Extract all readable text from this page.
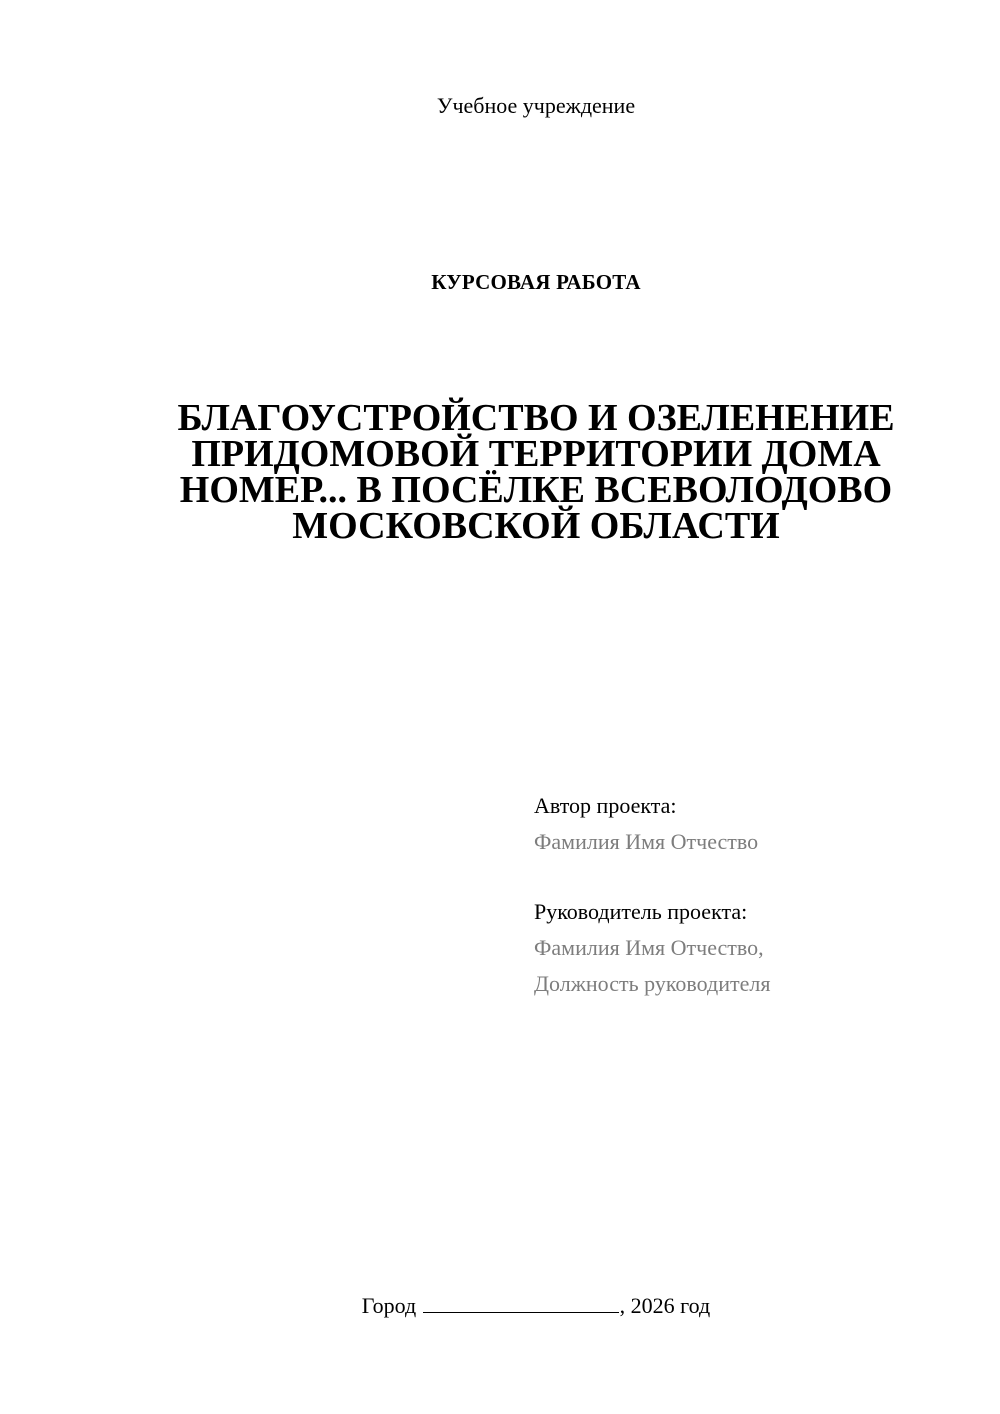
Учебное учреждение
КУРСОВАЯ РАБОТА
БЛАГОУСТРОЙСТВО И ОЗЕЛЕНЕНИЕ ПРИДОМОВОЙ ТЕРРИТОРИИ ДОМА НОМЕР... В ПОСЁЛКЕ ВСЕВОЛОДОВО МОСКОВСКОЙ ОБЛАСТИ
Автор проекта:
Фамилия Имя Отчество
Руководитель проекта:
Фамилия Имя Отчество,
Должность руководителя
Город	, 2026 год
